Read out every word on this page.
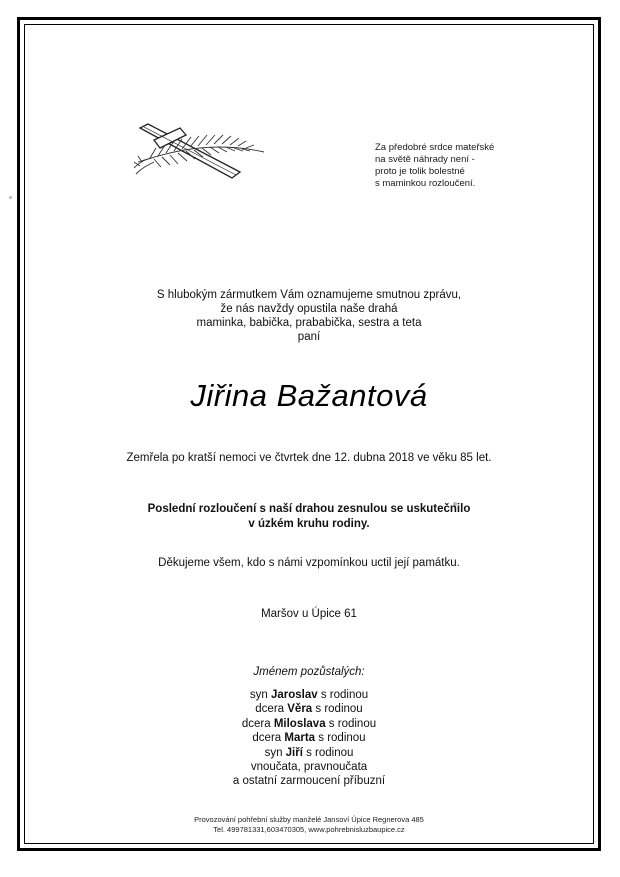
Za předobré srdce mateřské
na světě náhrady není -
proto je tolik bolestné
s maminkou rozloučení.
S hlubokým zármutkem Vám oznamujeme smutnou zprávu,
že nás navždy opustila naše drahá
maminka, babička, prababička, sestra a teta
paní
Jiřina Bažantová
Zemřela po kratší nemoci ve čtvrtek dne 12. dubna 2018 ve věku 85 let.
Poslední rozloučení s naší drahou zesnulou se uskutečnilo
v úzkém kruhu rodiny.
Děkujeme všem, kdo s námi vzpomínkou uctil její památku.
Maršov u Úpice 61
Jménem pozůstalých:
syn Jaroslav s rodinou
dcera Věra s rodinou
dcera Miloslava s rodinou
dcera Marta s rodinou
syn Jiří s rodinou
vnoučata, pravnoučata
a ostatní zarmoucení příbuzní
Provozování pohřební služby manželé Jansoví Úpice Regnerova 485
Tel. 499781331,603470305, www.pohrebnisluzbaupice.cz
